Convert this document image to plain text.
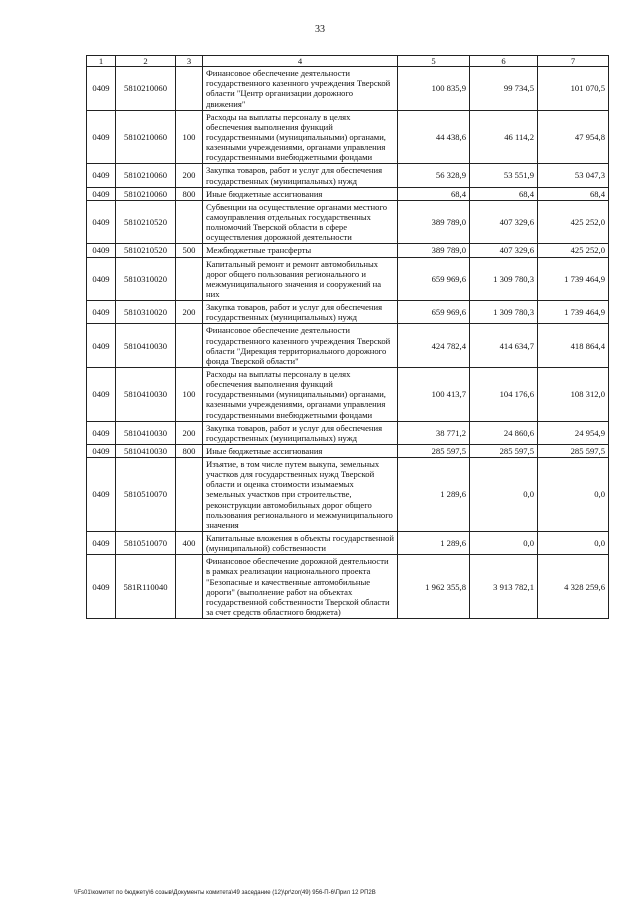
33
1	2	3	4	5	6	7
0409	5810210060		Финансовое обеспечение деятельности государственного казенного учреждения Тверской области "Центр организации дорожного движения"	100 835,9	99 734,5	101 070,5
0409	5810210060	100	Расходы на выплаты персоналу в целях обеспечения выполнения функций государственными (муниципальными) органами, казенными учреждениями, органами управления государственными внебюджетными фондами	44 438,6	46 114,2	47 954,8
0409	5810210060	200	Закупка товаров, работ и услуг для обеспечения государственных (муниципальных) нужд	56 328,9	53 551,9	53 047,3
0409	5810210060	800	Иные бюджетные ассигнования	68,4	68,4	68,4
0409	5810210520		Субвенции на осуществление органами местного самоуправления отдельных государственных полномочий Тверской области в сфере осуществления дорожной деятельности	389 789,0	407 329,6	425 252,0
0409	5810210520	500	Межбюджетные трансферты	389 789,0	407 329,6	425 252,0
0409	5810310020		Капитальный ремонт и ремонт автомобильных дорог общего пользования регионального и межмуниципального значения и сооружений на них	659 969,6	1 309 780,3	1 739 464,9
0409	5810310020	200	Закупка товаров, работ и услуг для обеспечения государственных (муниципальных) нужд	659 969,6	1 309 780,3	1 739 464,9
0409	5810410030		Финансовое обеспечение деятельности государственного казенного учреждения Тверской области "Дирекция территориального дорожного фонда Тверской области"	424 782,4	414 634,7	418 864,4
0409	5810410030	100	Расходы на выплаты персоналу в целях обеспечения выполнения функций государственными (муниципальными) органами, казенными учреждениями, органами управления государственными внебюджетными фондами	100 413,7	104 176,6	108 312,0
0409	5810410030	200	Закупка товаров, работ и услуг для обеспечения государственных (муниципальных) нужд	38 771,2	24 860,6	24 954,9
0409	5810410030	800	Иные бюджетные ассигнования	285 597,5	285 597,5	285 597,5
0409	5810510070		Изъятие, в том числе путем выкупа, земельных участков для государственных нужд Тверской области и оценка стоимости изымаемых земельных участков при строительстве, реконструкции автомобильных дорог общего пользования регионального и межмуниципального значения	1 289,6	0,0	0,0
0409	5810510070	400	Капитальные вложения в объекты государственной (муниципальной) собственности	1 289,6	0,0	0,0
0409	581R110040		Финансовое обеспечение дорожной деятельности в рамках реализации национального проекта "Безопасные и качественные автомобильные дороги" (выполнение работ на объектах государственной собственности Тверской области за счет средств областного бюджета)	1 962 355,8	3 913 782,1	4 328 259,6
\\Fs01\комитет по бюджету\6 созыв\Документы комитета\49 заседание (12)\pr\zor(49) 956-П-6\Прил 12 РП2В
